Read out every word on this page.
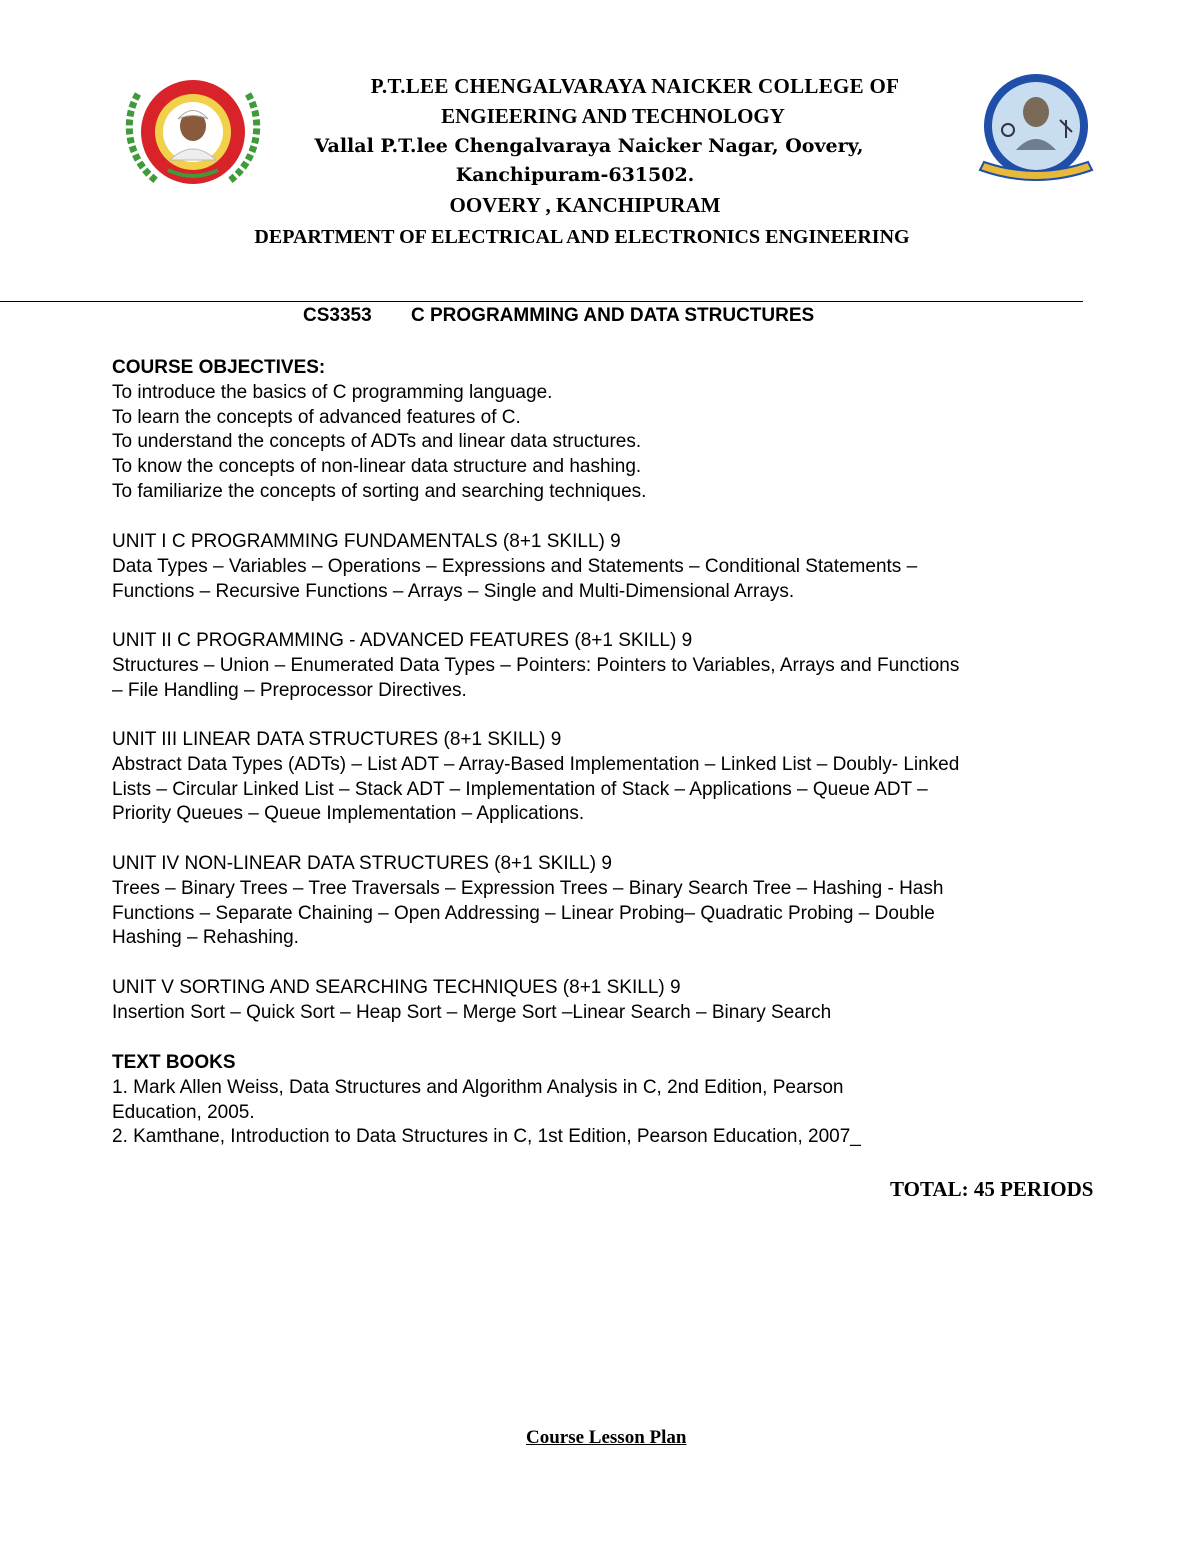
P.T.LEE CHENGALVARAYA NAICKER COLLEGE OF
ENGIEERING AND TECHNOLOGY
Vallal P.T.lee Chengalvaraya Naicker Nagar, Oovery,
Kanchipuram-631502.
OOVERY , KANCHIPURAM
DEPARTMENT OF ELECTRICAL AND ELECTRONICS ENGINEERING
CS3353 C PROGRAMMING AND DATA STRUCTURES

COURSE OBJECTIVES:

To introduce the basics of C programming language.

To learn the concepts of advanced features of C.

To understand the concepts of ADTs and linear data structures.

To know the concepts of non-linear data structure and hashing.

To familiarize the concepts of sorting and searching techniques.

UNIT I C PROGRAMMING FUNDAMENTALS (8+1 SKILL) 9

Data Types – Variables – Operations – Expressions and Statements – Conditional Statements –

Functions – Recursive Functions – Arrays – Single and Multi-Dimensional Arrays.

UNIT II C PROGRAMMING - ADVANCED FEATURES (8+1 SKILL) 9

Structures – Union – Enumerated Data Types – Pointers: Pointers to Variables, Arrays and Functions

– File Handling – Preprocessor Directives.

UNIT III LINEAR DATA STRUCTURES (8+1 SKILL) 9

Abstract Data Types (ADTs) – List ADT – Array-Based Implementation – Linked List – Doubly- Linked

Lists – Circular Linked List – Stack ADT – Implementation of Stack – Applications – Queue ADT –

Priority Queues – Queue Implementation – Applications.

UNIT IV NON-LINEAR DATA STRUCTURES (8+1 SKILL) 9

Trees – Binary Trees – Tree Traversals – Expression Trees – Binary Search Tree – Hashing - Hash

Functions – Separate Chaining – Open Addressing – Linear Probing– Quadratic Probing – Double

Hashing – Rehashing.

UNIT V SORTING AND SEARCHING TECHNIQUES (8+1 SKILL) 9

Insertion Sort – Quick Sort – Heap Sort – Merge Sort –Linear Search – Binary Search

TEXT BOOKS

1. Mark Allen Weiss, Data Structures and Algorithm Analysis in C, 2nd Edition, Pearson

Education, 2005.

2. Kamthane, Introduction to Data Structures in C, 1st Edition, Pearson Education, 2007_

TOTAL: 45 PERIODS
Course Lesson Plan
